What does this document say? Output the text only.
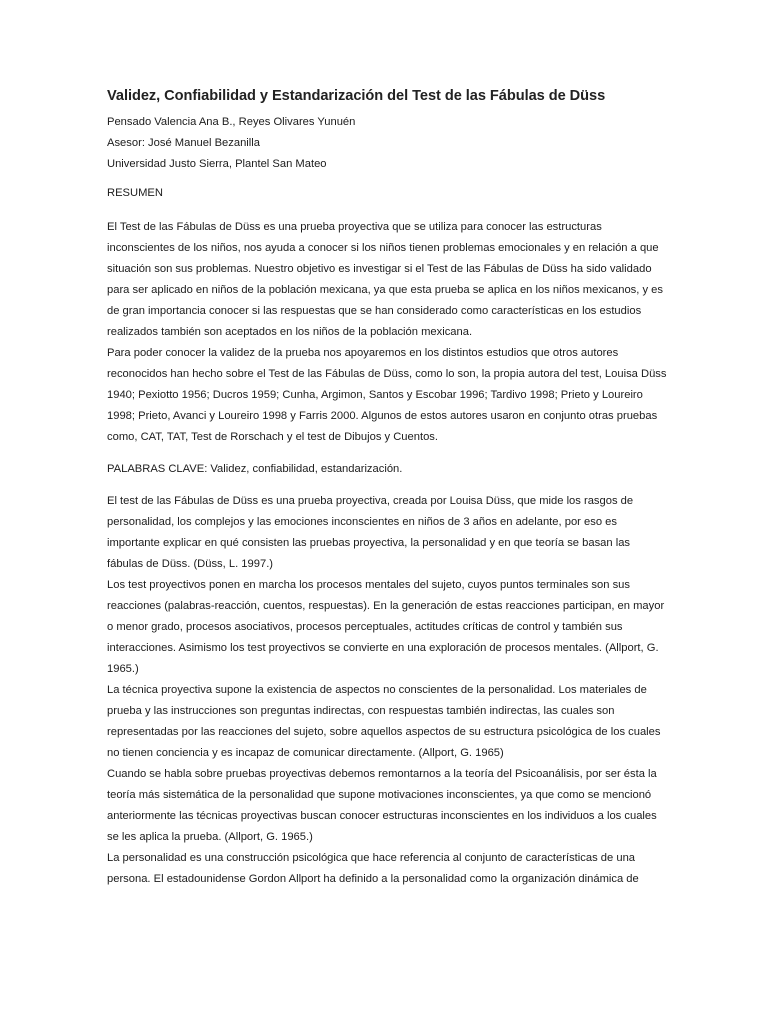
Validez, Confiabilidad y Estandarización del Test de las Fábulas de Düss

Pensado Valencia Ana B., Reyes Olivares Yunuén

Asesor: José Manuel Bezanilla

Universidad Justo Sierra, Plantel San Mateo

RESUMEN

El Test de las Fábulas de Düss es una prueba proyectiva que se utiliza para conocer las estructuras inconscientes de los niños, nos ayuda a conocer si los niños tienen problemas emocionales y en relación a que situación son sus problemas. Nuestro objetivo es investigar si el Test de las Fábulas de Düss ha sido validado para ser aplicado en niños de la población mexicana, ya que esta prueba se aplica en los niños mexicanos, y es de gran importancia conocer si las respuestas que se han considerado como características en los estudios realizados también son aceptados en los niños de la población mexicana.

Para poder conocer la validez de la prueba nos apoyaremos en los distintos estudios que otros autores reconocidos han hecho sobre el Test de las Fábulas de Düss, como lo son, la propia autora del test, Louisa Düss 1940; Pexiotto 1956; Ducros 1959; Cunha, Argimon, Santos y Escobar 1996; Tardivo 1998; Prieto y Loureiro 1998; Prieto, Avanci y Loureiro 1998 y Farris 2000. Algunos de estos autores usaron en conjunto otras pruebas como, CAT, TAT, Test de Rorschach y el test de Dibujos y Cuentos.

PALABRAS CLAVE: Validez, confiabilidad, estandarización.

El test de las Fábulas de Düss es una prueba proyectiva, creada por Louisa Düss, que mide los rasgos de personalidad, los complejos y las emociones inconscientes en niños de 3 años en adelante, por eso es importante explicar en qué consisten las pruebas proyectiva, la personalidad y en que teoría se basan las fábulas de Düss. (Düss, L. 1997.)

Los test proyectivos ponen en marcha los procesos mentales del sujeto, cuyos puntos terminales son sus reacciones (palabras-reacción, cuentos, respuestas). En la generación de estas reacciones participan, en mayor o menor grado, procesos asociativos, procesos perceptuales, actitudes críticas de control y también sus interacciones. Asimismo los test proyectivos se convierte en una exploración de procesos mentales. (Allport, G. 1965.)

La técnica proyectiva supone la existencia de aspectos no conscientes de la personalidad. Los materiales de prueba y las instrucciones son preguntas indirectas, con respuestas también indirectas, las cuales son representadas por las reacciones del sujeto, sobre aquellos aspectos de su estructura psicológica de los cuales no tienen conciencia y es incapaz de comunicar directamente. (Allport, G. 1965)

Cuando se habla sobre pruebas proyectivas debemos remontarnos a la teoría del Psicoanálisis, por ser ésta la teoría más sistemática de la personalidad que supone motivaciones inconscientes, ya que como se mencionó anteriormente las técnicas proyectivas buscan conocer estructuras inconscientes en los individuos a los cuales se les aplica la prueba. (Allport, G. 1965.)

La personalidad es una construcción psicológica que hace referencia al conjunto de características de una persona. El estadounidense Gordon Allport ha definido a la personalidad como la organización dinámica de
